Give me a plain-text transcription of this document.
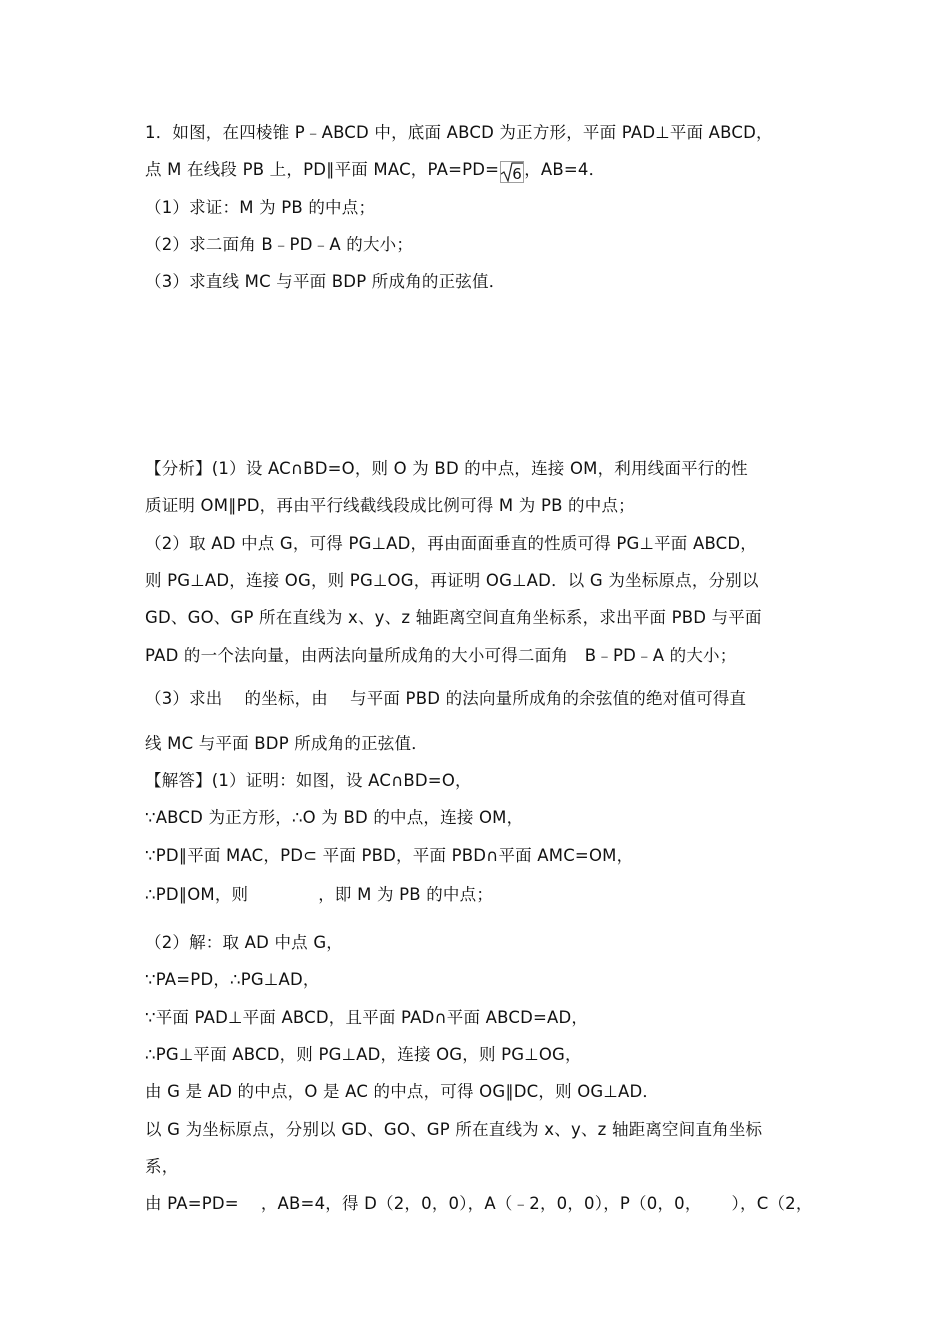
1．如图，在四棱锥 P﹣ABCD 中，底面 ABCD 为正方形，平面 PAD⊥平面 ABCD，
点 M 在线段 PB 上，PD∥平面 MAC，PA=PD= 6 ，AB=4．
（1）求证：M 为 PB 的中点；
（2）求二面角 B﹣PD﹣A 的大小；
（3）求直线 MC 与平面 BDP 所成角的正弦值．
【分析】(1）设 AC∩BD=O，则 O 为 BD 的中点，连接 OM，利用线面平行的性
质证明 OM∥PD，再由平行线截线段成比例可得 M 为 PB 的中点；
（2）取 AD 中点 G，可得 PG⊥AD，再由面面垂直的性质可得 PG⊥平面 ABCD，
则 PG⊥AD，连接 OG，则 PG⊥OG，再证明 OG⊥AD．以 G 为坐标原点，分别以
GD、GO、GP 所在直线为 x、y、z 轴距离空间直角坐标系，求出平面 PBD 与平面
PAD 的一个法向量，由两法向量所成角的大小可得二面角　B﹣PD﹣A 的大小；
（3）求出 的坐标，由 与平面 PBD 的法向量所成角的余弦值的绝对值可得直
线 MC 与平面 BDP 所成角的正弦值．
【解答】(1）证明：如图，设 AC∩BD=O，
∵ABCD 为正方形，∴O 为 BD 的中点，连接 OM，
∵PD∥平面 MAC，PD⊂ 平面 PBD，平面 PBD∩平面 AMC=OM，
∴PD∥OM，则	，即 M 为 PB 的中点；
（2）解：取 AD 中点 G，
∵PA=PD，∴PG⊥AD，
∵平面 PAD⊥平面 ABCD，且平面 PAD∩平面 ABCD=AD，
∴PG⊥平面 ABCD，则 PG⊥AD，连接 OG，则 PG⊥OG，
由 G 是 AD 的中点，O 是 AC 的中点，可得 OG∥DC，则 OG⊥AD．
以 G 为坐标原点，分别以 GD、GO、GP 所在直线为 x、y、z 轴距离空间直角坐标
系，
由 PA=PD= ，AB=4，得 D（2，0，0），A（﹣2，0，0），P（0，0， ），C（2，
